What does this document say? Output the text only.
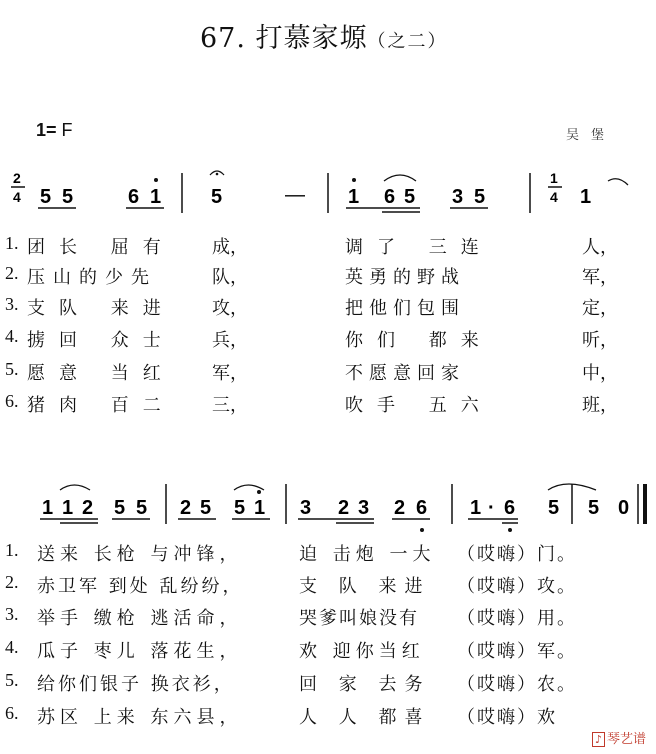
67. 打慕家塬（之二）
1= F	吴堡
2
4 5 5	6 1 5	— 1 6 5 3 5
1
4 1
1. 团长 屈有 成，	调了 三连	人，
2. 压山的少先	队，	英勇的野战	军，
3. 支队 来进 攻，	把他们包围	定，
4. 掳回 众士 兵，	你们 都来	听，
5. 愿意 当红 军，	不愿意回家	中，
6. 猪肉 百二 三，	吹手 五六	班，
1 1 2 5 5 2 5 5 1 3 2 3 2 6 1 · 6 5 5 0
1. 送来 长枪 与冲锋，	迫 击炮 一大 （哎嗨）门。
2. 赤卫军 到处 乱纷纷，	支 队 来进 （哎嗨）攻。
3. 举手 缴枪 逃活命，	哭爹叫娘没有 （哎嗨）用。
4. 瓜子 枣儿 落花生，	欢 迎你当红 （哎嗨）军。
5. 给你们银子 换衣衫，	回 家 去务 （哎嗨）农。
6. 苏区 上来 东六县，	人 人 都喜 （哎嗨）欢
♪ 琴艺谱
